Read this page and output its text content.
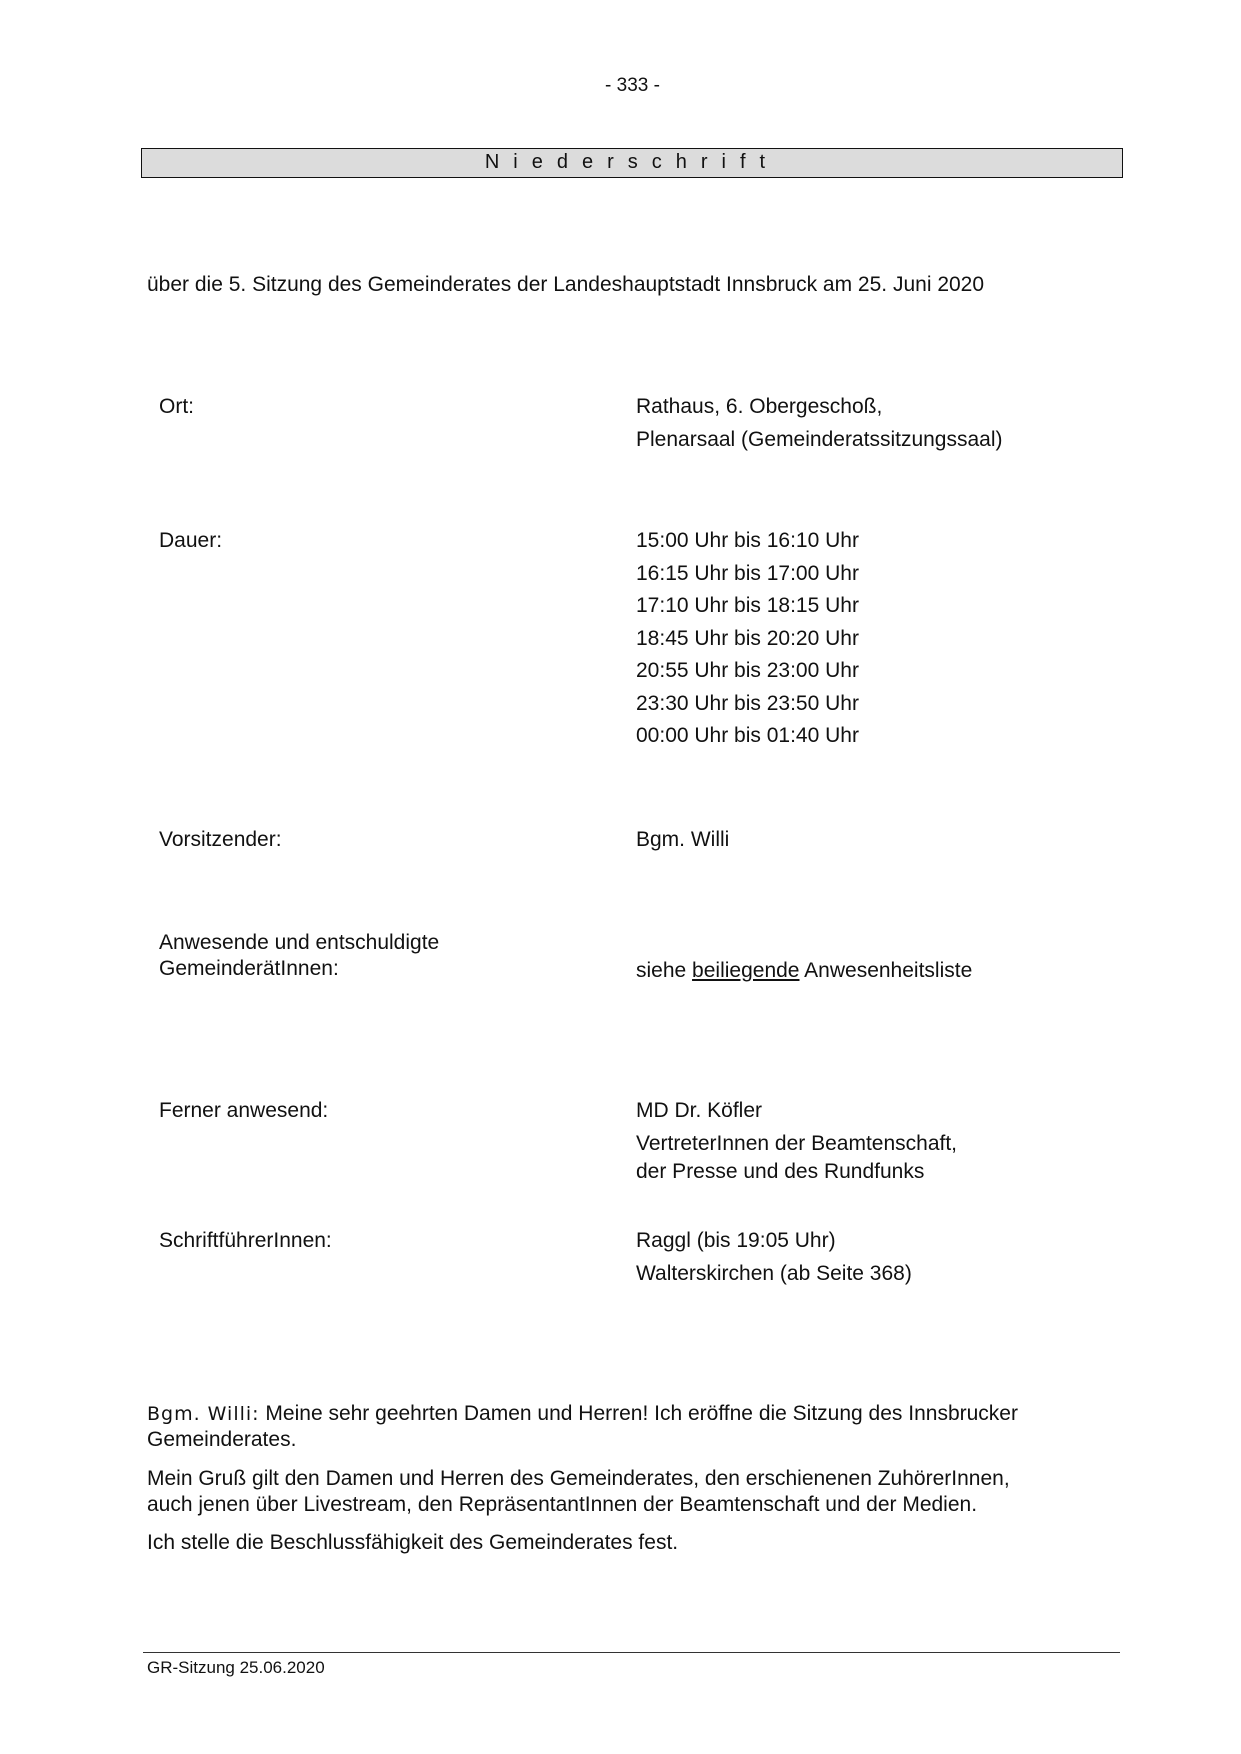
- 333 -
Niederschrift
über die 5. Sitzung des Gemeinderates der Landeshauptstadt Innsbruck am 25. Juni 2020
Ort:	Rathaus, 6. Obergeschoß,
Plenarsaal (Gemeinderatssitzungssaal)
Dauer:	15:00 Uhr bis 16:10 Uhr
16:15 Uhr bis 17:00 Uhr
17:10 Uhr bis 18:15 Uhr
18:45 Uhr bis 20:20 Uhr
20:55 Uhr bis 23:00 Uhr
23:30 Uhr bis 23:50 Uhr
00:00 Uhr bis 01:40 Uhr
Vorsitzender:	Bgm. Willi
Anwesende und entschuldigte
GemeinderätInnen:	siehe beiliegende Anwesenheitsliste
Ferner anwesend:	MD Dr. Köfler
VertreterInnen der Beamtenschaft,
der Presse und des Rundfunks
SchriftführerInnen:	Raggl (bis 19:05 Uhr)
Walterskirchen (ab Seite 368)
Bgm. Willi: Meine sehr geehrten Damen und Herren! Ich eröffne die Sitzung des Innsbrucker
Gemeinderates.
Mein Gruß gilt den Damen und Herren des Gemeinderates, den erschienenen ZuhörerInnen,
auch jenen über Livestream, den RepräsentantInnen der Beamtenschaft und der Medien.
Ich stelle die Beschlussfähigkeit des Gemeinderates fest.
GR-Sitzung 25.06.2020
